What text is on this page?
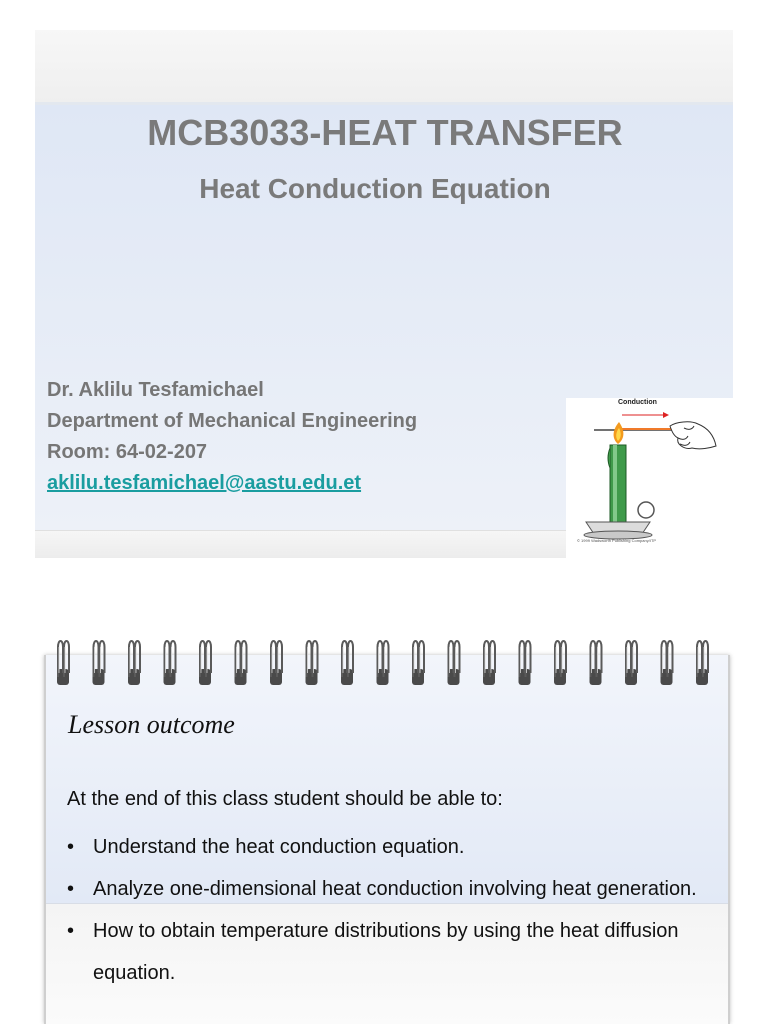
MCB3033-HEAT TRANSFER
Heat Conduction Equation
Dr. Aklilu Tesfamichael
Department of Mechanical Engineering
Room: 64-02-207
aklilu.tesfamichael@aastu.edu.et
Conduction
© 1999 Wadsworth Publishing Company/ITP
Lesson outcome
At the end of this class student should be able to:
• Understand the heat conduction equation.
• Analyze one-dimensional heat conduction involving heat generation.
• How to obtain temperature distributions by using the heat diffusion equation.
